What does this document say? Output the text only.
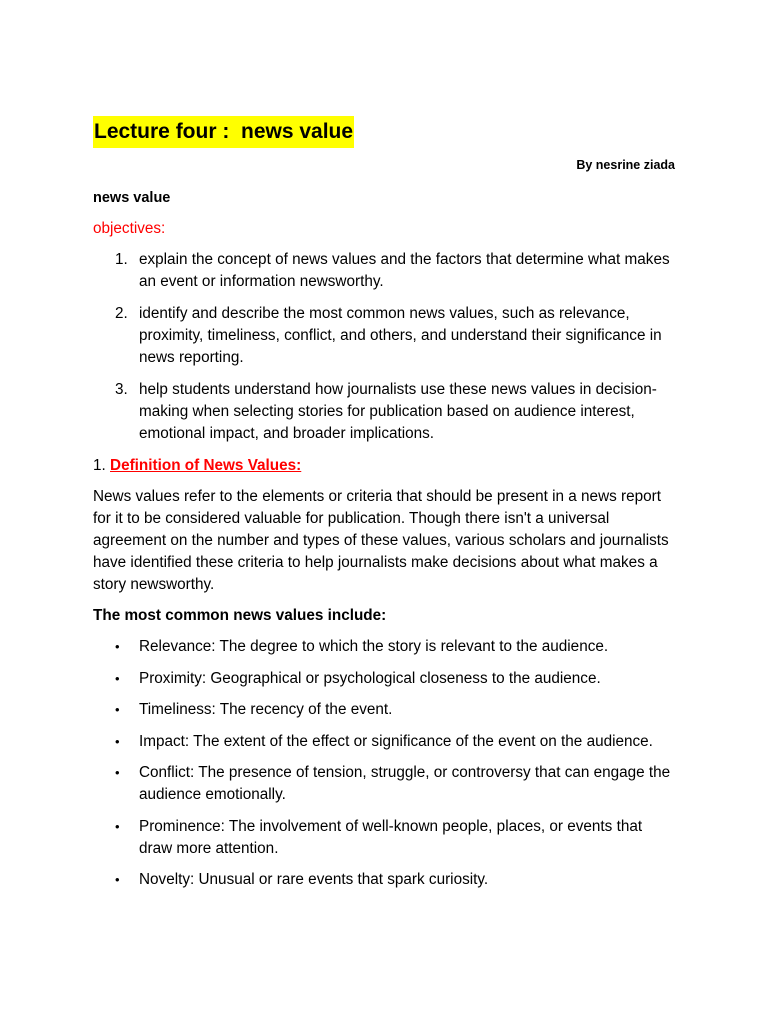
Lecture four :  news value
By nesrine ziada
news value
objectives:
1. explain the concept of news values and the factors that determine what makes an event or information newsworthy.
2. identify and describe the most common news values, such as relevance, proximity, timeliness, conflict, and others, and understand their significance in news reporting.
3. help students understand how journalists use these news values in decision-making when selecting stories for publication based on audience interest, emotional impact, and broader implications.
1. Definition of News Values:
News values refer to the elements or criteria that should be present in a news report for it to be considered valuable for publication. Though there isn't a universal agreement on the number and types of these values, various scholars and journalists have identified these criteria to help journalists make decisions about what makes a story newsworthy.
The most common news values include:
• Relevance: The degree to which the story is relevant to the audience.
• Proximity: Geographical or psychological closeness to the audience.
• Timeliness: The recency of the event.
• Impact: The extent of the effect or significance of the event on the audience.
• Conflict: The presence of tension, struggle, or controversy that can engage the audience emotionally.
• Prominence: The involvement of well-known people, places, or events that draw more attention.
• Novelty: Unusual or rare events that spark curiosity.
